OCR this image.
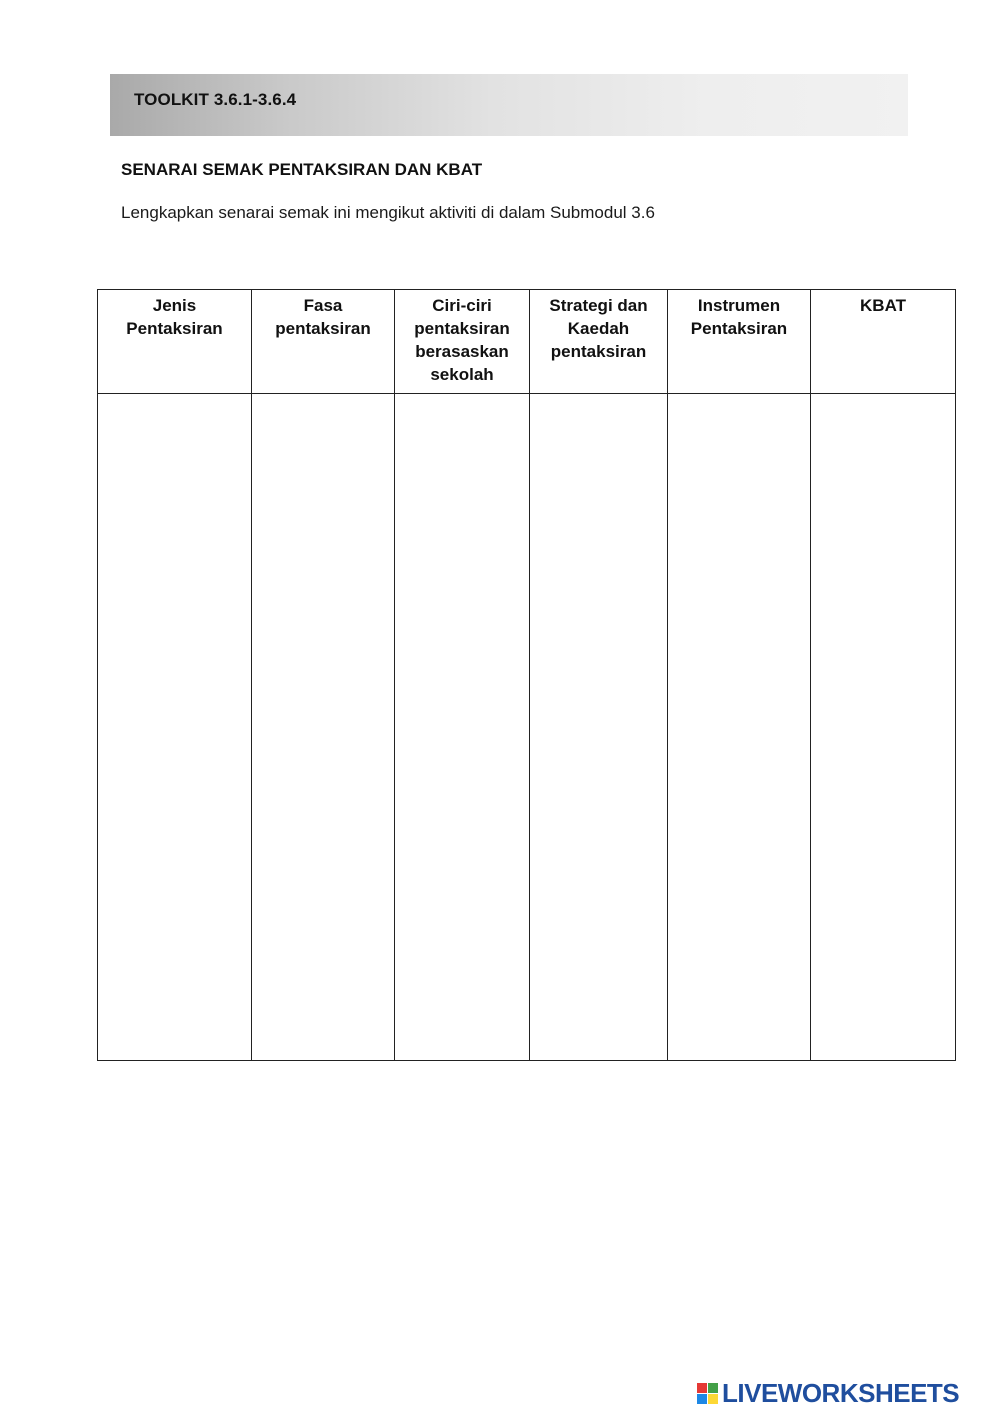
TOOLKIT 3.6.1-3.6.4
SENARAI SEMAK PENTAKSIRAN DAN KBAT
Lengkapkan senarai semak ini mengikut aktiviti di dalam Submodul 3.6
Jenis Pentaksiran	Fasa pentaksiran	Ciri-ciri pentaksiran berasaskan sekolah	Strategi dan Kaedah pentaksiran	Instrumen Pentaksiran	KBAT

LIVEWORKSHEETS
